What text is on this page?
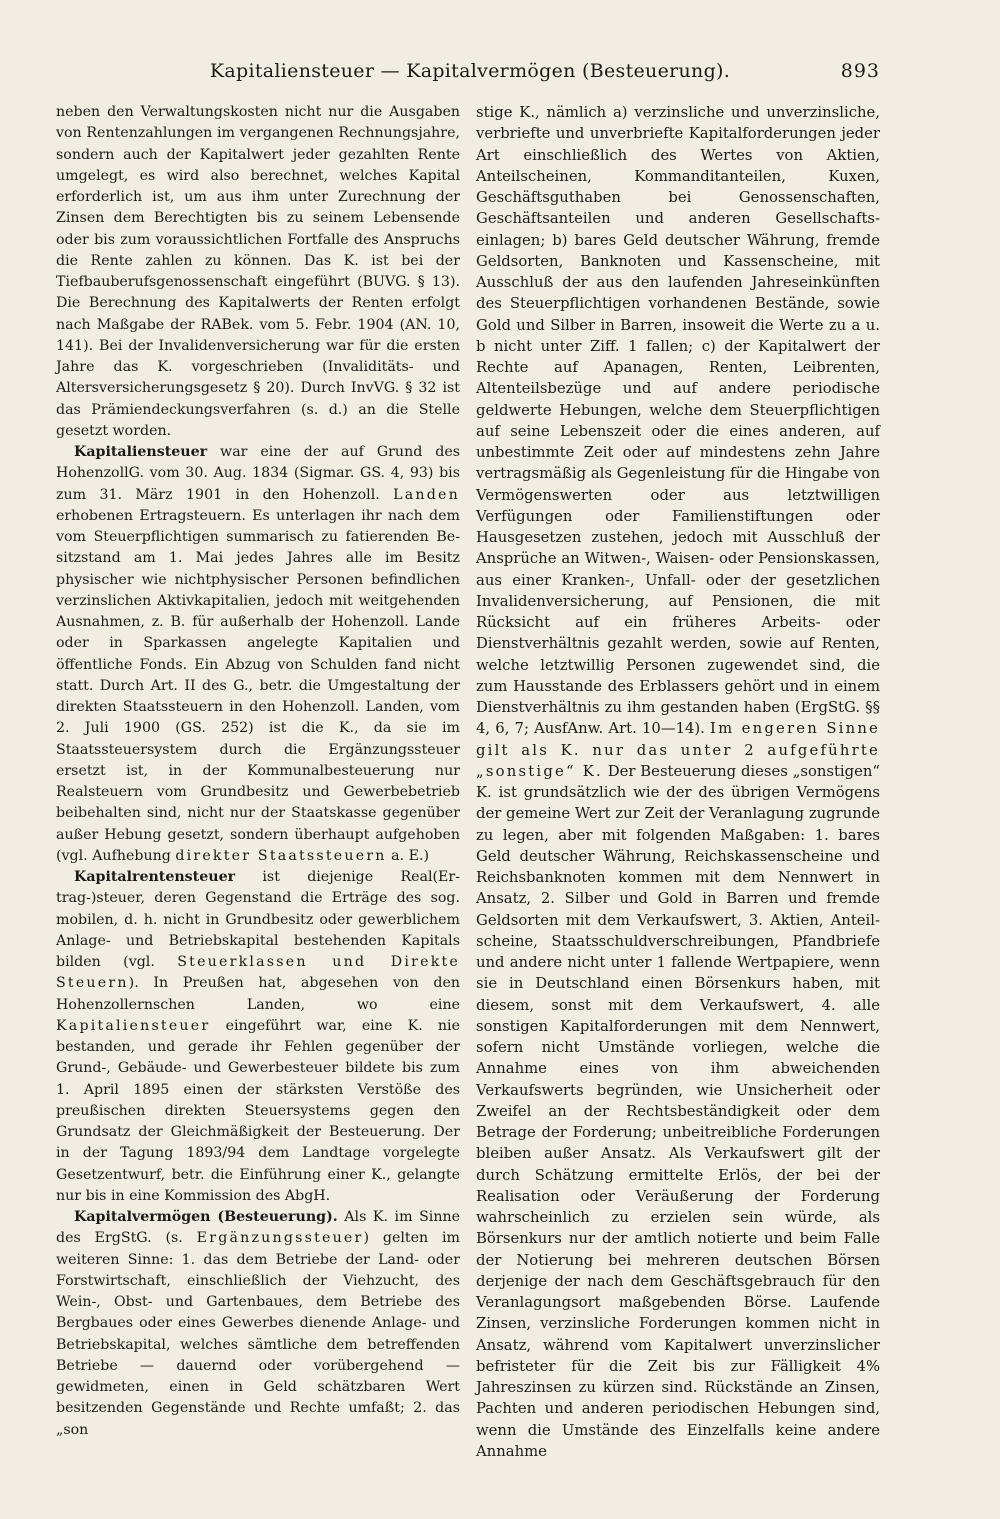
Kapitaliensteuer — Kapitalvermögen (Besteuerung).	893

neben den Verwaltungskosten nicht nur die Ausgaben von Rentenzahlungen im vergangenen Rechnungsjahre, sondern auch der Kapitalwert jeder gezahlten Rente umgelegt, es wird also berechnet, welches Kapital erforderlich ist, um aus ihm unter Zurechnung der Zinsen dem Berechtigten bis zu seinem Lebensende oder bis zum voraussichtlichen Fortfalle des Anspruchs die Rente zahlen zu können. Das K. ist bei der Tiefbauberufsgenossenschaft eingeführt (BUVG. § 13). Die Berechnung des Kapitalwerts der Renten erfolgt nach Maßgabe der RABek. vom 5. Febr. 1904 (AN. 10, 141). Bei der Invalidenversicherung war für die ersten Jahre das K. vorgeschrieben (Invaliditäts- und Altersversicherungsgesetz § 20). Durch InvVG. § 32 ist das Prämiendeckungsverfahren (s. d.) an die Stelle gesetzt worden.

Kapitaliensteuer war eine der auf Grund des HohenzollG. vom 30. Aug. 1834 (Sigmar. GS. 4, 93) bis zum 31. März 1901 in den Hohenzoll. Landen erhobenen Ertragsteuern. Es unterlagen ihr nach dem vom Steuerpflichtigen summarisch zu fatierenden Besitzstand am 1. Mai jedes Jahres alle im Besitz physischer wie nichtphysischer Personen befindlichen verzinslichen Aktivkapitalien, jedoch mit weitgehenden Ausnahmen, z. B. für außerhalb der Hohenzoll. Lande oder in Sparkassen angelegte Kapitalien und öffentliche Fonds. Ein Abzug von Schulden fand nicht statt. Durch Art. II des G., betr. die Umgestaltung der direkten Staatssteuern in den Hohenzoll. Landen, vom 2. Juli 1900 (GS. 252) ist die K., da sie im Staatssteuersystem durch die Ergänzungssteuer ersetzt ist, in der Kommunalbesteuerung nur Realsteuern vom Grundbesitz und Gewerbebetrieb beibehalten sind, nicht nur der Staatskasse gegenüber außer Hebung gesetzt, sondern überhaupt aufgehoben (vgl. Aufhebung direkter Staatssteuern a. E.)

Kapitalrentensteuer ist diejenige Real(Ertrag-)steuer, deren Gegenstand die Erträge des sog. mobilen, d. h. nicht in Grundbesitz oder gewerblichem Anlage- und Betriebskapital bestehenden Kapitals bilden (vgl. Steuerklassen und Direkte Steuern). In Preußen hat, abgesehen von den Hohenzollernschen Landen, wo eine Kapitaliensteuer eingeführt war, eine K. nie bestanden, und gerade ihr Fehlen gegenüber der Grund-, Gebäude- und Gewerbesteuer bildete bis zum 1. April 1895 einen der stärksten Verstöße des preußischen direkten Steuersystems gegen den Grundsatz der Gleichmäßigkeit der Besteuerung. Der in der Tagung 1893/94 dem Landtage vorgelegte Gesetzentwurf, betr. die Einführung einer K., gelangte nur bis in eine Kommission des AbgH.

Kapitalvermögen (Besteuerung). Als K. im Sinne des ErgStG. (s. Ergänzungssteuer) gelten im weiteren Sinne: 1. das dem Betriebe der Land- oder Forstwirtschaft, einschließlich der Viehzucht, des Wein-, Obst- und Gartenbaues, dem Betriebe des Bergbaues oder eines Gewerbes dienende Anlage- und Betriebskapital, welches sämtliche dem betreffenden Betriebe — dauernd oder vorübergehend — gewidmeten, einen in Geld schätzbaren Wert besitzenden Gegenstände und Rechte umfaßt; 2. das „son

stige K., nämlich a) verzinsliche und unverzinsliche, verbriefte und unverbriefte Kapitalforderungen jeder Art einschließlich des Wertes von Aktien, Anteilscheinen, Kommanditanteilen, Kuxen, Geschäftsguthaben bei Genossenschaften, Geschäftsanteilen und anderen Gesellschaftseinlagen; b) bares Geld deutscher Währung, fremde Geldsorten, Banknoten und Kassenscheine, mit Ausschluß der aus den laufenden Jahreseinkünften des Steuerpflichtigen vorhandenen Bestände, sowie Gold und Silber in Barren, insoweit die Werte zu a u. b nicht unter Ziff. 1 fallen; c) der Kapitalwert der Rechte auf Apanagen, Renten, Leibrenten, Altenteilsbezüge und auf andere periodische geldwerte Hebungen, welche dem Steuerpflichtigen auf seine Lebenszeit oder die eines anderen, auf unbestimmte Zeit oder auf mindestens zehn Jahre vertragsmäßig als Gegenleistung für die Hingabe von Vermögenswerten oder aus letztwilligen Verfügungen oder Familienstiftungen oder Hausgesetzen zustehen, jedoch mit Ausschluß der Ansprüche an Witwen-, Waisen- oder Pensionskassen, aus einer Kranken-, Unfall- oder der gesetzlichen Invalidenversicherung, auf Pensionen, die mit Rücksicht auf ein früheres Arbeits- oder Dienstverhältnis gezahlt werden, sowie auf Renten, welche letztwillig Personen zugewendet sind, die zum Hausstande des Erblassers gehört und in einem Dienstverhältnis zu ihm gestanden haben (ErgStG. §§ 4, 6, 7; AusfAnw. Art. 10—14). Im engeren Sinne gilt als K. nur das unter 2 aufgeführte „sonstige“ K. Der Besteuerung dieses „sonstigen“ K. ist grundsätzlich wie der des übrigen Vermögens der gemeine Wert zur Zeit der Veranlagung zugrunde zu legen, aber mit folgenden Maßgaben: 1. bares Geld deutscher Währung, Reichskassenscheine und Reichsbanknoten kommen mit dem Nennwert in Ansatz, 2. Silber und Gold in Barren und fremde Geldsorten mit dem Verkaufswert, 3. Aktien, Anteilscheine, Staatsschuldverschreibungen, Pfandbriefe und andere nicht unter 1 fallende Wertpapiere, wenn sie in Deutschland einen Börsenkurs haben, mit diesem, sonst mit dem Verkaufswert, 4. alle sonstigen Kapitalforderungen mit dem Nennwert, sofern nicht Umstände vorliegen, welche die Annahme eines von ihm abweichenden Verkaufswerts begründen, wie Unsicherheit oder Zweifel an der Rechtsbeständigkeit oder dem Betrage der Forderung; unbeitreibliche Forderungen bleiben außer Ansatz. Als Verkaufswert gilt der durch Schätzung ermittelte Erlös, der bei der Realisation oder Veräußerung der Forderung wahrscheinlich zu erzielen sein würde, als Börsenkurs nur der amtlich notierte und beim Falle der Notierung bei mehreren deutschen Börsen derjenige der nach dem Geschäftsgebrauch für den Veranlagungsort maßgebenden Börse. Laufende Zinsen, verzinsliche Forderungen kommen nicht in Ansatz, während vom Kapitalwert unverzinslicher befristeter für die Zeit bis zur Fälligkeit 4% Jahreszinsen zu kürzen sind. Rückstände an Zinsen, Pachten und anderen periodischen Hebungen sind, wenn die Umstände des Einzelfalls keine andere Annahme
